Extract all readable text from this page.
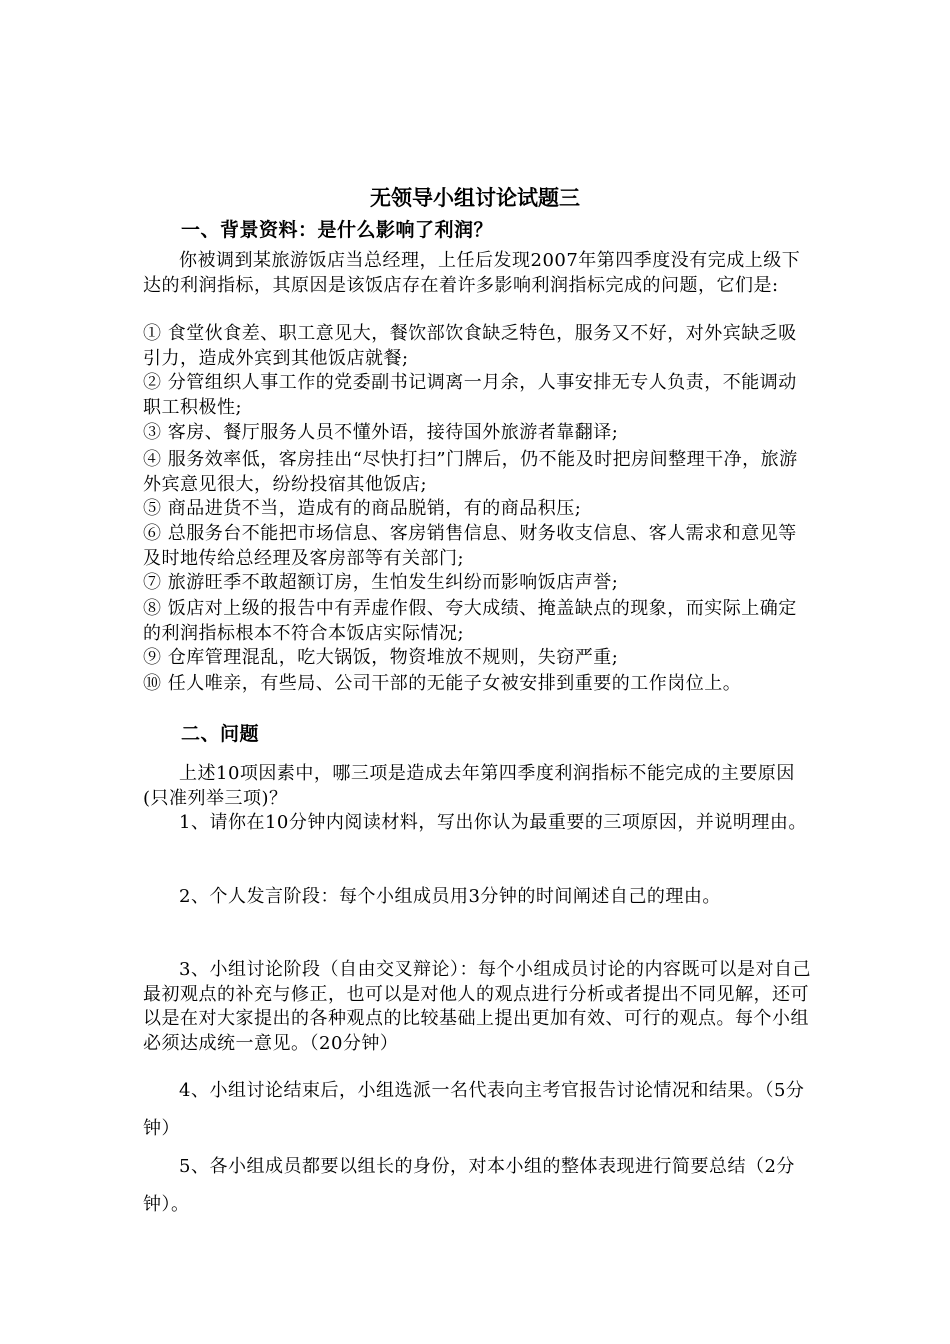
无领导小组讨论试题三
一、背景资料：是什么影响了利润？
你被调到某旅游饭店当总经理，上任后发现2007年第四季度没有完成上级下达的利润指标，其原因是该饭店存在着许多影响利润指标完成的问题，它们是:
① 食堂伙食差、职工意见大，餐饮部饮食缺乏特色，服务又不好，对外宾缺乏吸引力，造成外宾到其他饭店就餐;
② 分管组织人事工作的党委副书记调离一月余，人事安排无专人负责，不能调动职工积极性;
③ 客房、餐厅服务人员不懂外语，接待国外旅游者靠翻译;
④ 服务效率低，客房挂出“尽快打扫”门牌后，仍不能及时把房间整理干净，旅游外宾意见很大，纷纷投宿其他饭店;
⑤ 商品进货不当，造成有的商品脱销，有的商品积压;
⑥ 总服务台不能把市场信息、客房销售信息、财务收支信息、客人需求和意见等及时地传给总经理及客房部等有关部门;
⑦ 旅游旺季不敢超额订房，生怕发生纠纷而影响饭店声誉;
⑧ 饭店对上级的报告中有弄虚作假、夸大成绩、掩盖缺点的现象，而实际上确定的利润指标根本不符合本饭店实际情况;
⑨ 仓库管理混乱，吃大锅饭，物资堆放不规则，失窃严重;
⑩ 任人唯亲，有些局、公司干部的无能子女被安排到重要的工作岗位上。
二、问题
上述10项因素中，哪三项是造成去年第四季度利润指标不能完成的主要原因(只准列举三项)？
1、请你在10分钟内阅读材料，写出你认为最重要的三项原因，并说明理由。
2、个人发言阶段：每个小组成员用3分钟的时间阐述自己的理由。
3、小组讨论阶段（自由交叉辩论）：每个小组成员讨论的内容既可以是对自己最初观点的补充与修正，也可以是对他人的观点进行分析或者提出不同见解，还可以是在对大家提出的各种观点的比较基础上提出更加有效、可行的观点。每个小组必须达成统一意见。（20分钟）
4、小组讨论结束后，小组选派一名代表向主考官报告讨论情况和结果。（5分钟）
5、各小组成员都要以组长的身份，对本小组的整体表现进行简要总结（2分钟）。
